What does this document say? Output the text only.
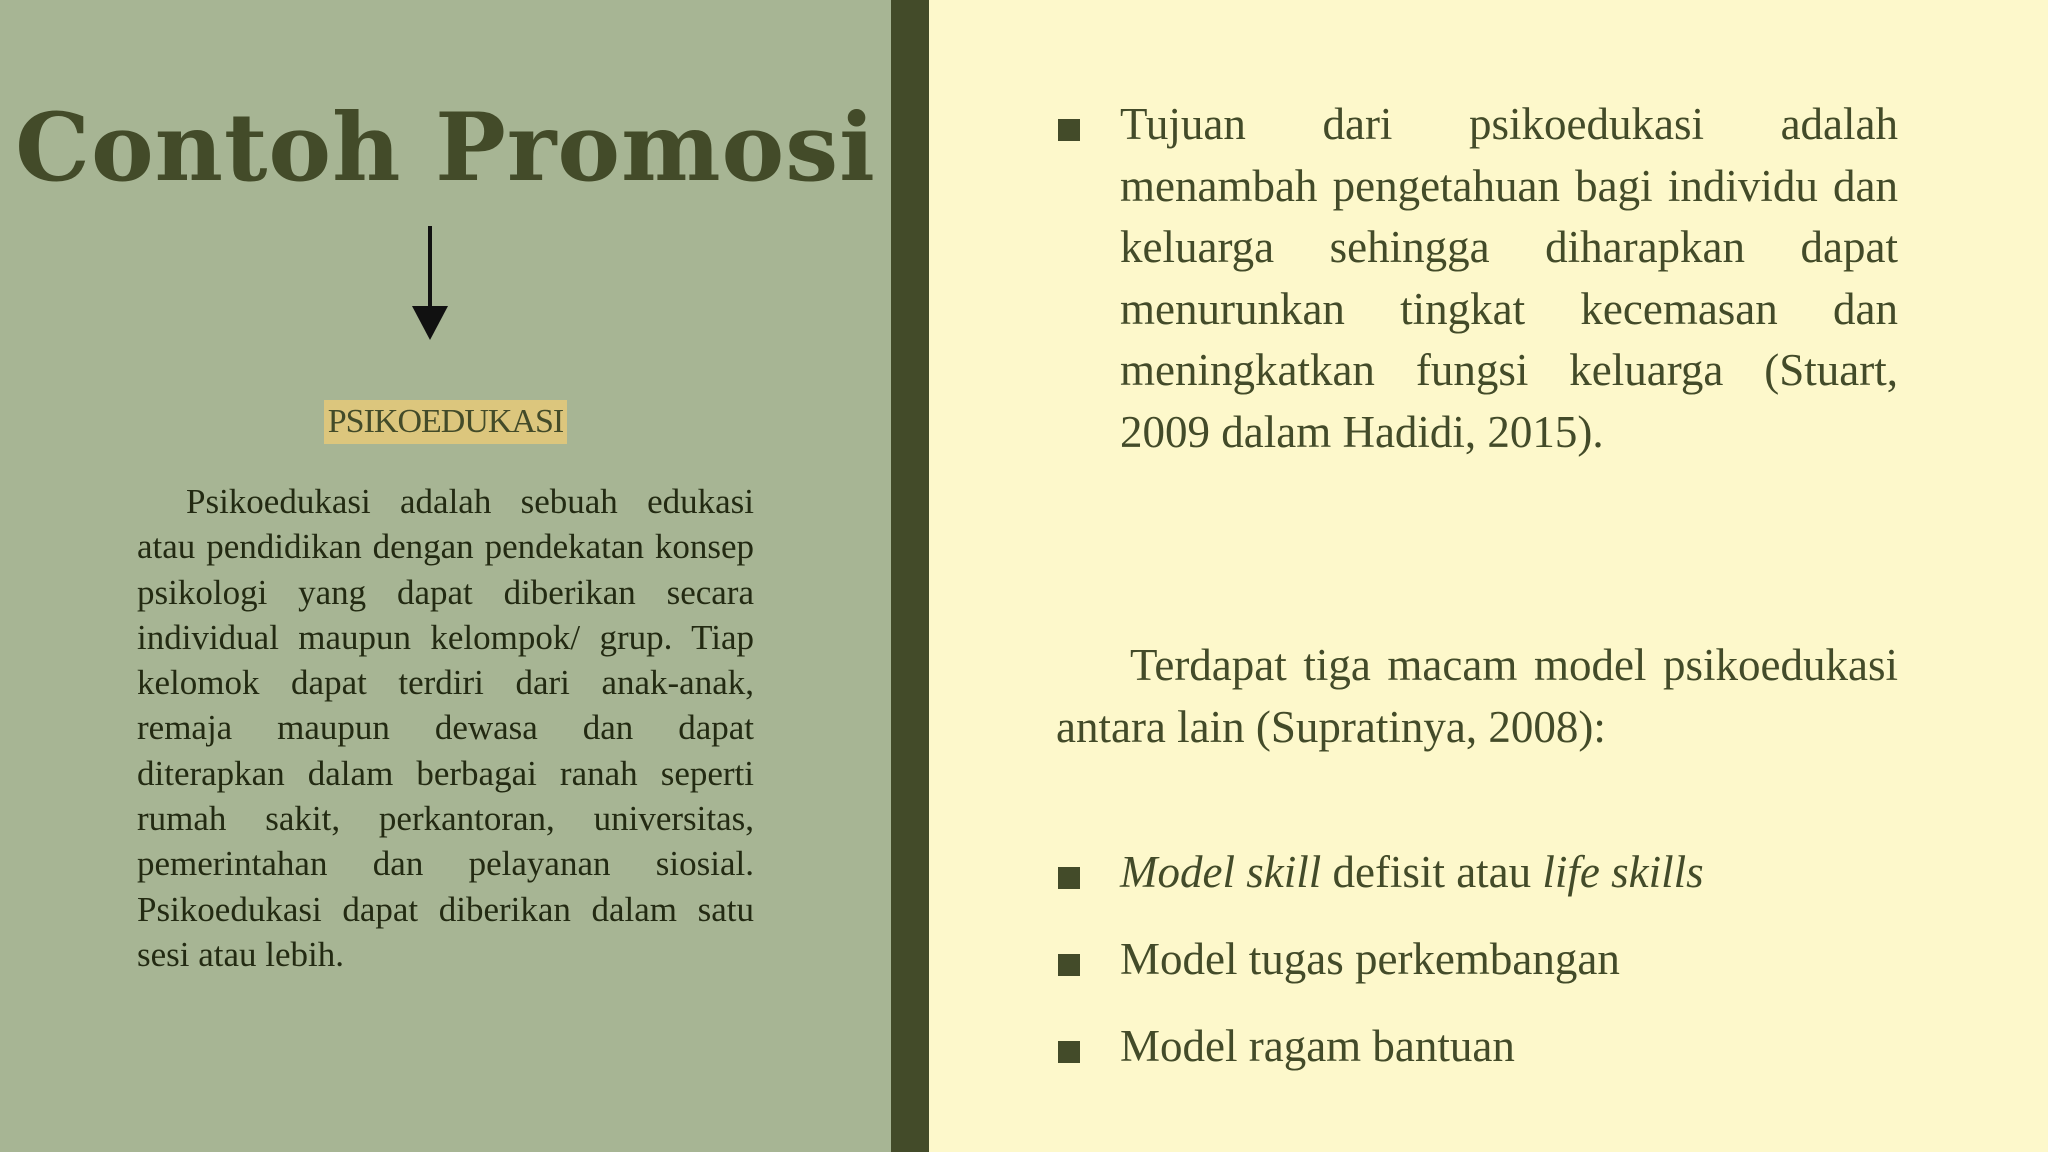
Contoh Promosi
PSIKOEDUKASI

Psikoedukasi adalah sebuah edukasi atau pendidikan dengan pendekatan konsep psikologi yang dapat diberikan secara individual maupun kelompok/ grup. Tiap kelomok dapat terdiri dari anak-anak, remaja maupun dewasa dan dapat diterapkan dalam berbagai ranah seperti rumah sakit, perkantoran, universitas, pemerintahan dan pelayanan siosial. Psikoedukasi dapat diberikan dalam satu sesi atau lebih.

Tujuan dari psikoedukasi adalah menambah pengetahuan bagi individu dan keluarga sehingga diharapkan dapat menurunkan tingkat kecemasan dan meningkatkan fungsi keluarga (Stuart, 2009 dalam Hadidi, 2015).

Terdapat tiga macam model psikoedukasi antara lain (Supratinya, 2008):

Model skill defisit atau life skills
Model tugas perkembangan
Model ragam bantuan
